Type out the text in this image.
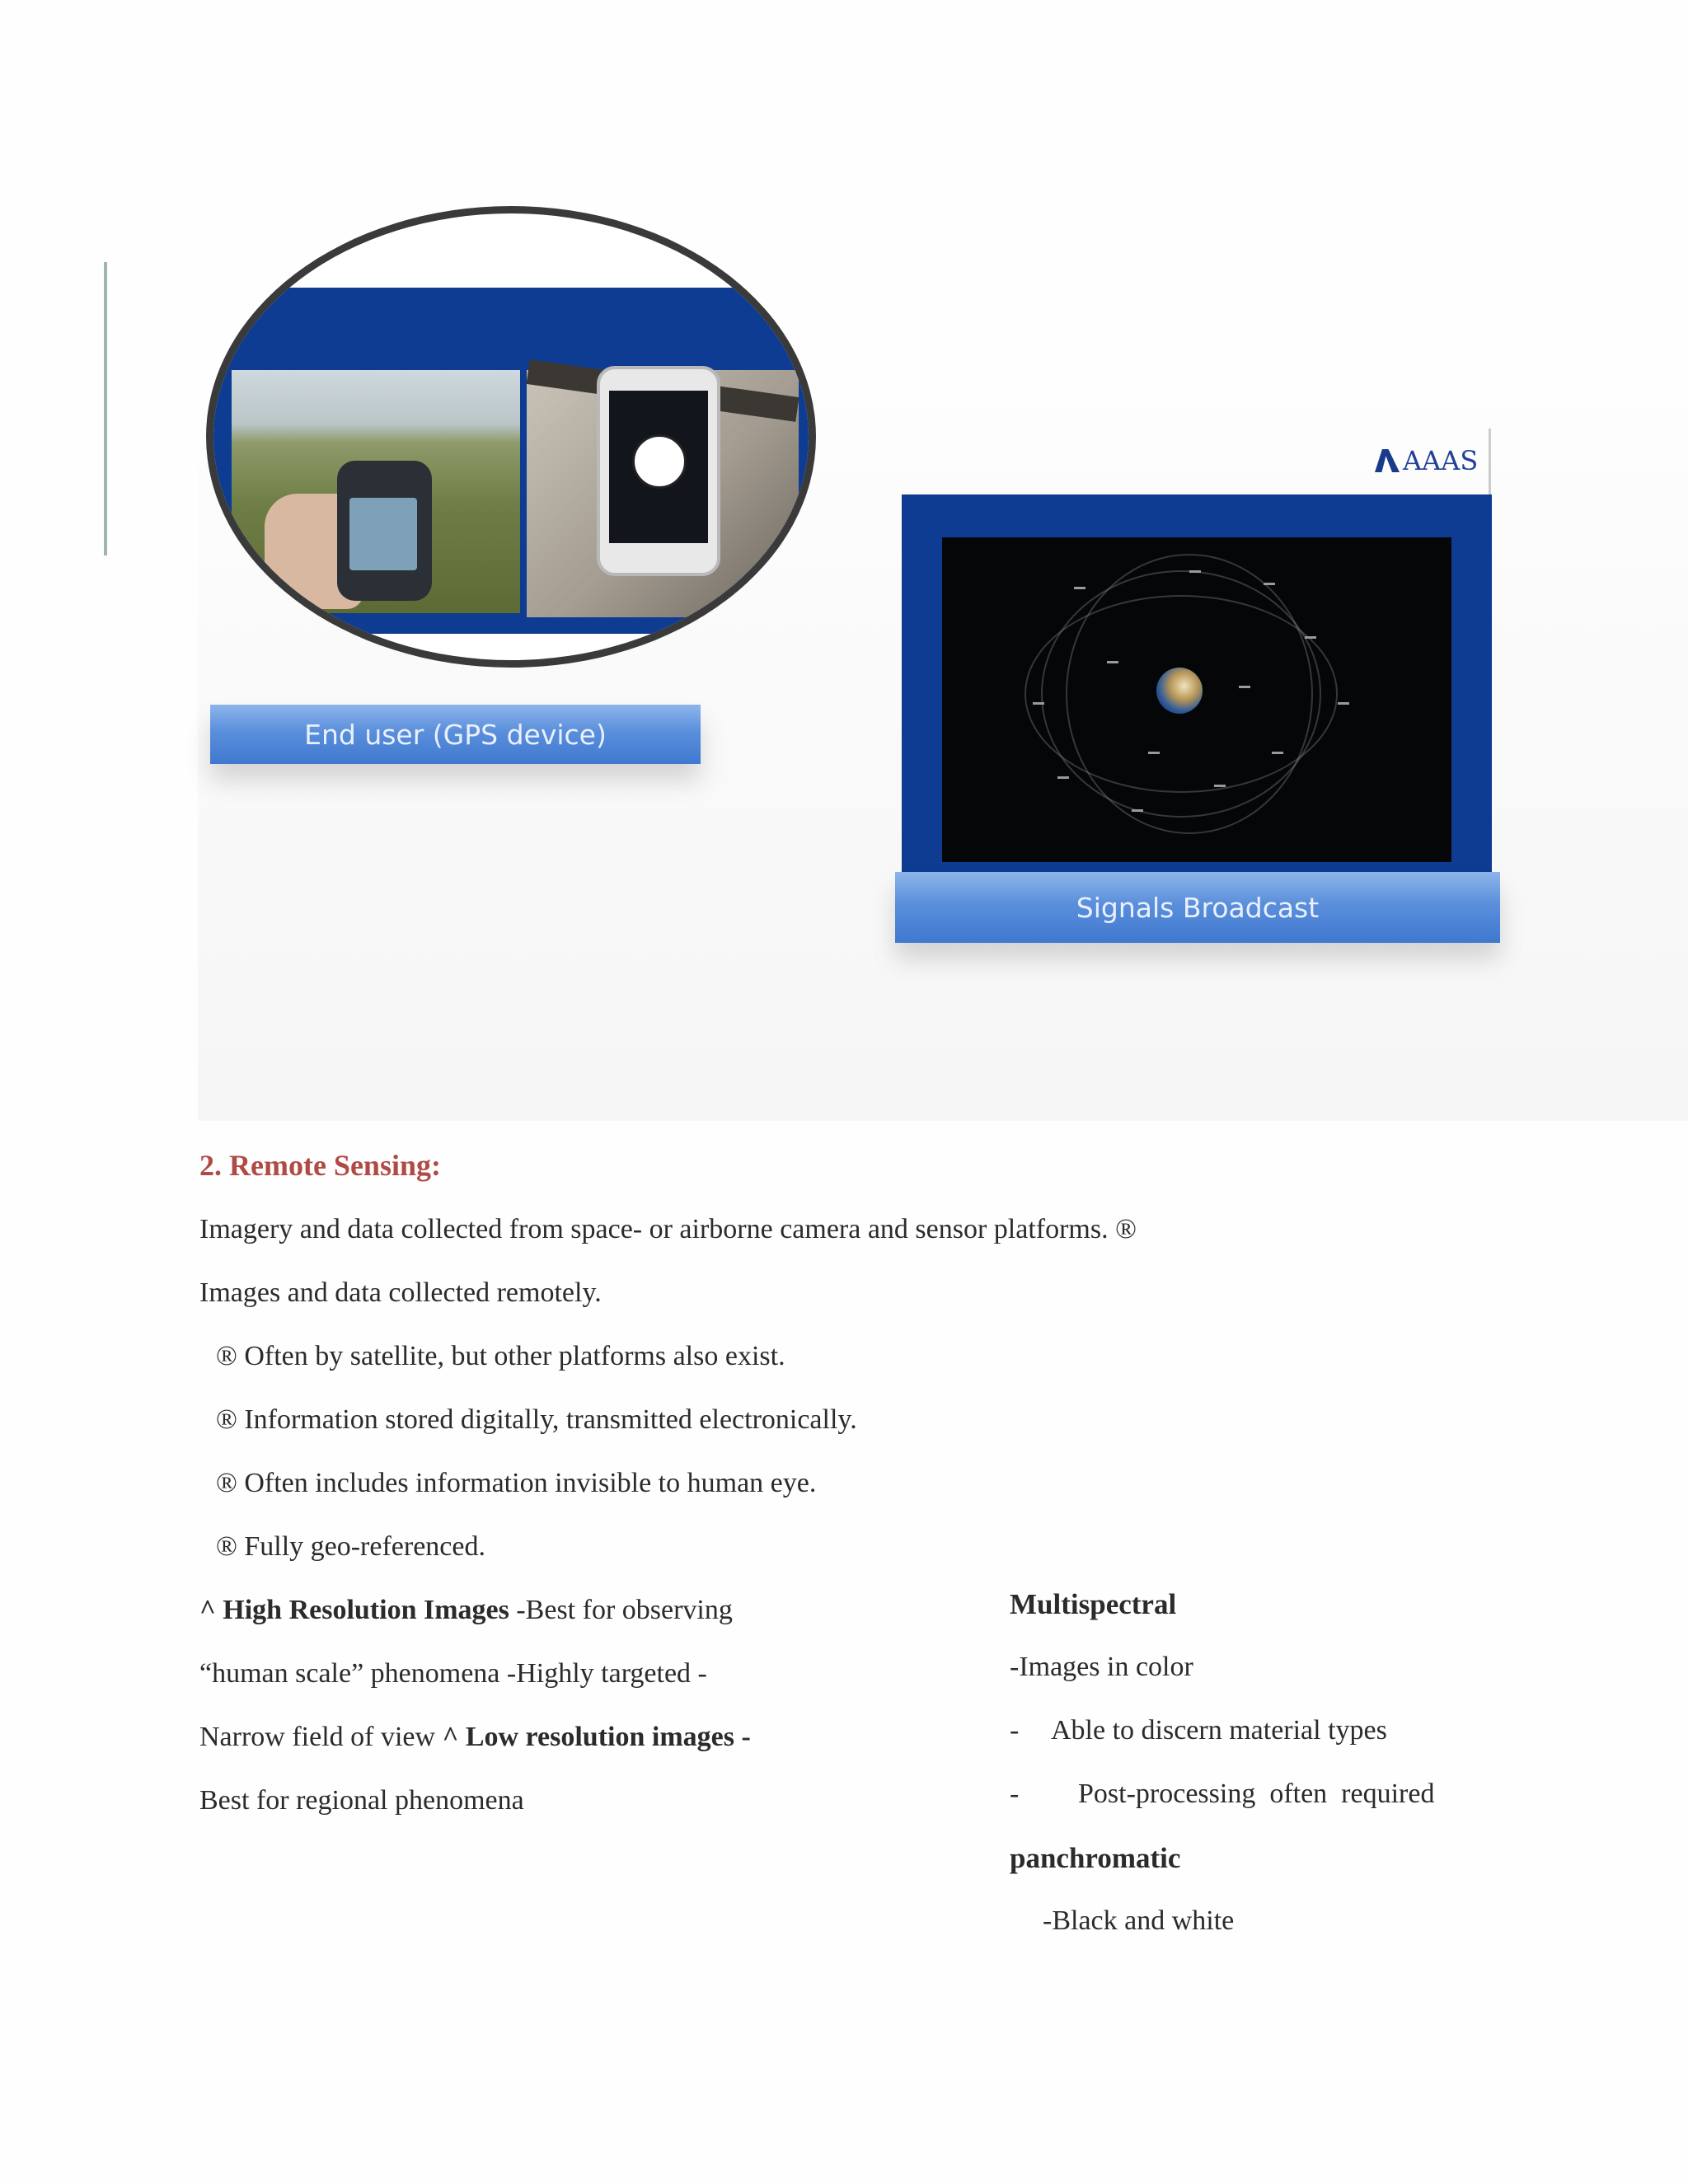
End user (GPS device)
AAAS
Signals Broadcast
2. Remote Sensing:
Imagery and data collected from space- or airborne camera and sensor platforms. ®
Images and data collected remotely.
® Often by satellite, but other platforms also exist.
® Information stored digitally, transmitted electronically.
® Often includes information invisible to human eye.
® Fully geo-referenced.
^ High Resolution Images -Best for observing
“human scale” phenomena -Highly targeted -
Narrow field of view ^ Low resolution images -
Best for regional phenomena
Multispectral
-Images in color
- Able to discern material types
- Post-processing  often  required
panchromatic
-Black and white
